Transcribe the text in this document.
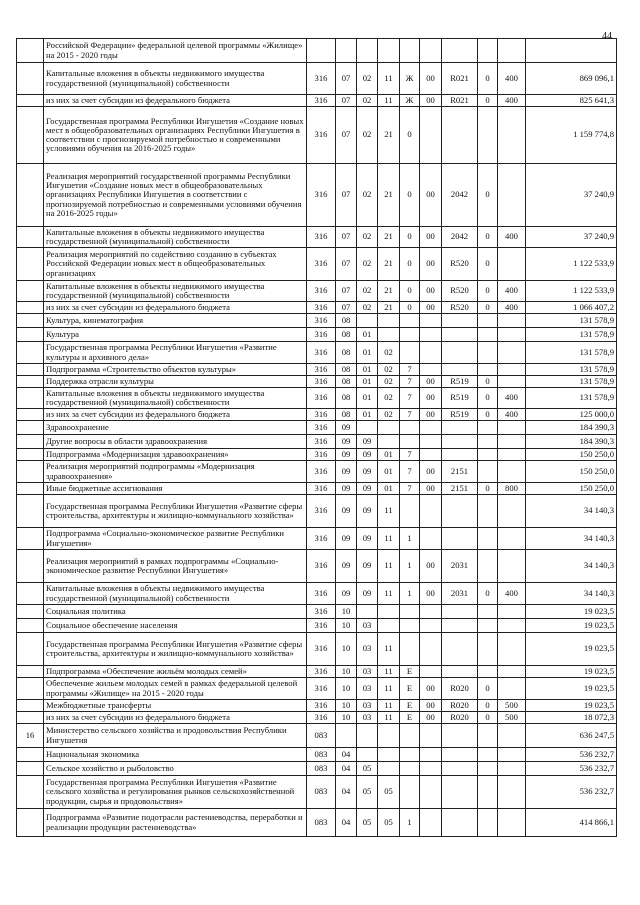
44
	Российской Федерации» федеральной целевой программы «Жилище» на 2015 - 2020 годы										
	Капитальные вложения в объекты недвижимого имущества государственной (муниципальной) собственности	316	07	02	11	Ж	00	R021	0	400	869 096,1
	из них за счет субсидии из федерального бюджета	316	07	02	11	Ж	00	R021	0	400	825 641,3
	Государственная программа Республики Ингушетия «Создание новых мест в общеобразовательных организациях Республики Ингушетия в соответствии с прогнозируемой потребностью и современными условиями обучения на 2016-2025 годы»	316	07	02	21	0					1 159 774,8
	Реализация мероприятий государственной программы Республики Ингушетия «Создание новых мест в общеобразовательных организациях Республики Ингушетия в соответствии с прогнозируемой потребностью и современными условиями обучения на 2016-2025 годы»	316	07	02	21	0	00	2042	0		37 240,9
	Капитальные вложения в объекты недвижимого имущества государственной (муниципальной) собственности	316	07	02	21	0	00	2042	0	400	37 240,9
	Реализация мероприятий по содействию созданию в субъектах Российской Федерации новых мест в общеобразовательных организациях	316	07	02	21	0	00	R520	0		1 122 533,9
	Капитальные вложения в объекты недвижимого имущества государственной (муниципальной) собственности	316	07	02	21	0	00	R520	0	400	1 122 533,9
	из них за счет субсидии из федерального бюджета	316	07	02	21	0	00	R520	0	400	1 066 407,2
	Культура, кинематография	316	08								131 578,9
	Культура	316	08	01							131 578,9
	Государственная программа Республики Ингушетия «Развитие культуры и архивного дела»	316	08	01	02						131 578,9
	Подпрограмма «Строительство объектов культуры»	316	08	01	02	7					131 578,9
	Поддержка отрасли культуры	316	08	01	02	7	00	R519	0		131 578,9
	Капитальные вложения в объекты недвижимого имущества государственной (муниципальной) собственности	316	08	01	02	7	00	R519	0	400	131 578,9
	из них за счет субсидии из федерального бюджета	316	08	01	02	7	00	R519	0	400	125 000,0
	Здравоохранение	316	09								184 390,3
	Другие вопросы в области здравоохранения	316	09	09							184 390,3
	Подпрограмма «Модернизация здравоохранения»	316	09	09	01	7					150 250,0
	Реализация мероприятий подпрограммы «Модернизация здравоохранения»	316	09	09	01	7	00	2151			150 250,0
	Иные бюджетные ассигнования	316	09	09	01	7	00	2151	0	800	150 250,0
	Государственная программа Республики Ингушетия «Развитие сферы строительства, архитектуры и жилищно-коммунального хозяйства»	316	09	09	11						34 140,3
	Подпрограмма «Социально-экономическое развитие Республики Ингушетия»	316	09	09	11	1					34 140,3
	Реализация мероприятий в рамках подпрограммы «Социально-экономическое развитие Республики Ингушетия»	316	09	09	11	1	00	2031			34 140,3
	Капитальные вложения в объекты недвижимого имущества государственной (муниципальной) собственности	316	09	09	11	1	00	2031	0	400	34 140,3
	Социальная политика	316	10								19 023,5
	Социальное обеспечение населения	316	10	03							19 023,5
	Государственная программа Республики Ингушетия «Развитие сферы строительства, архитектуры и жилищно-коммунального хозяйства»	316	10	03	11						19 023,5
	Подпрограмма «Обеспечение жильём молодых семей»	316	10	03	11	Е					19 023,5
	Обеспечение жильем молодых семей в рамках федеральной целевой программы «Жилище» на 2015 - 2020 годы	316	10	03	11	Е	00	R020	0		19 023,5
	Межбюджетные трансферты	316	10	03	11	Е	00	R020	0	500	19 023,5
	из них за счет субсидии из федерального бюджета	316	10	03	11	Е	00	R020	0	500	18 072,3
16	Министерство сельского хозяйства и продовольствия Республики Ингушетия	083									636 247,5
	Национальная экономика	083	04								536 232,7
	Сельское хозяйство и рыболовство	083	04	05							536 232,7
	Государственная программа Республики Ингушетия «Развитие сельского хозяйства и регулирования рынков сельскохозяйственной продукции, сырья и продовольствия»	083	04	05	05						536 232,7
	Подпрограмма «Развитие подотрасли растениеводства, переработки и реализации продукции растениеводства»	083	04	05	05	1					414 866,1
